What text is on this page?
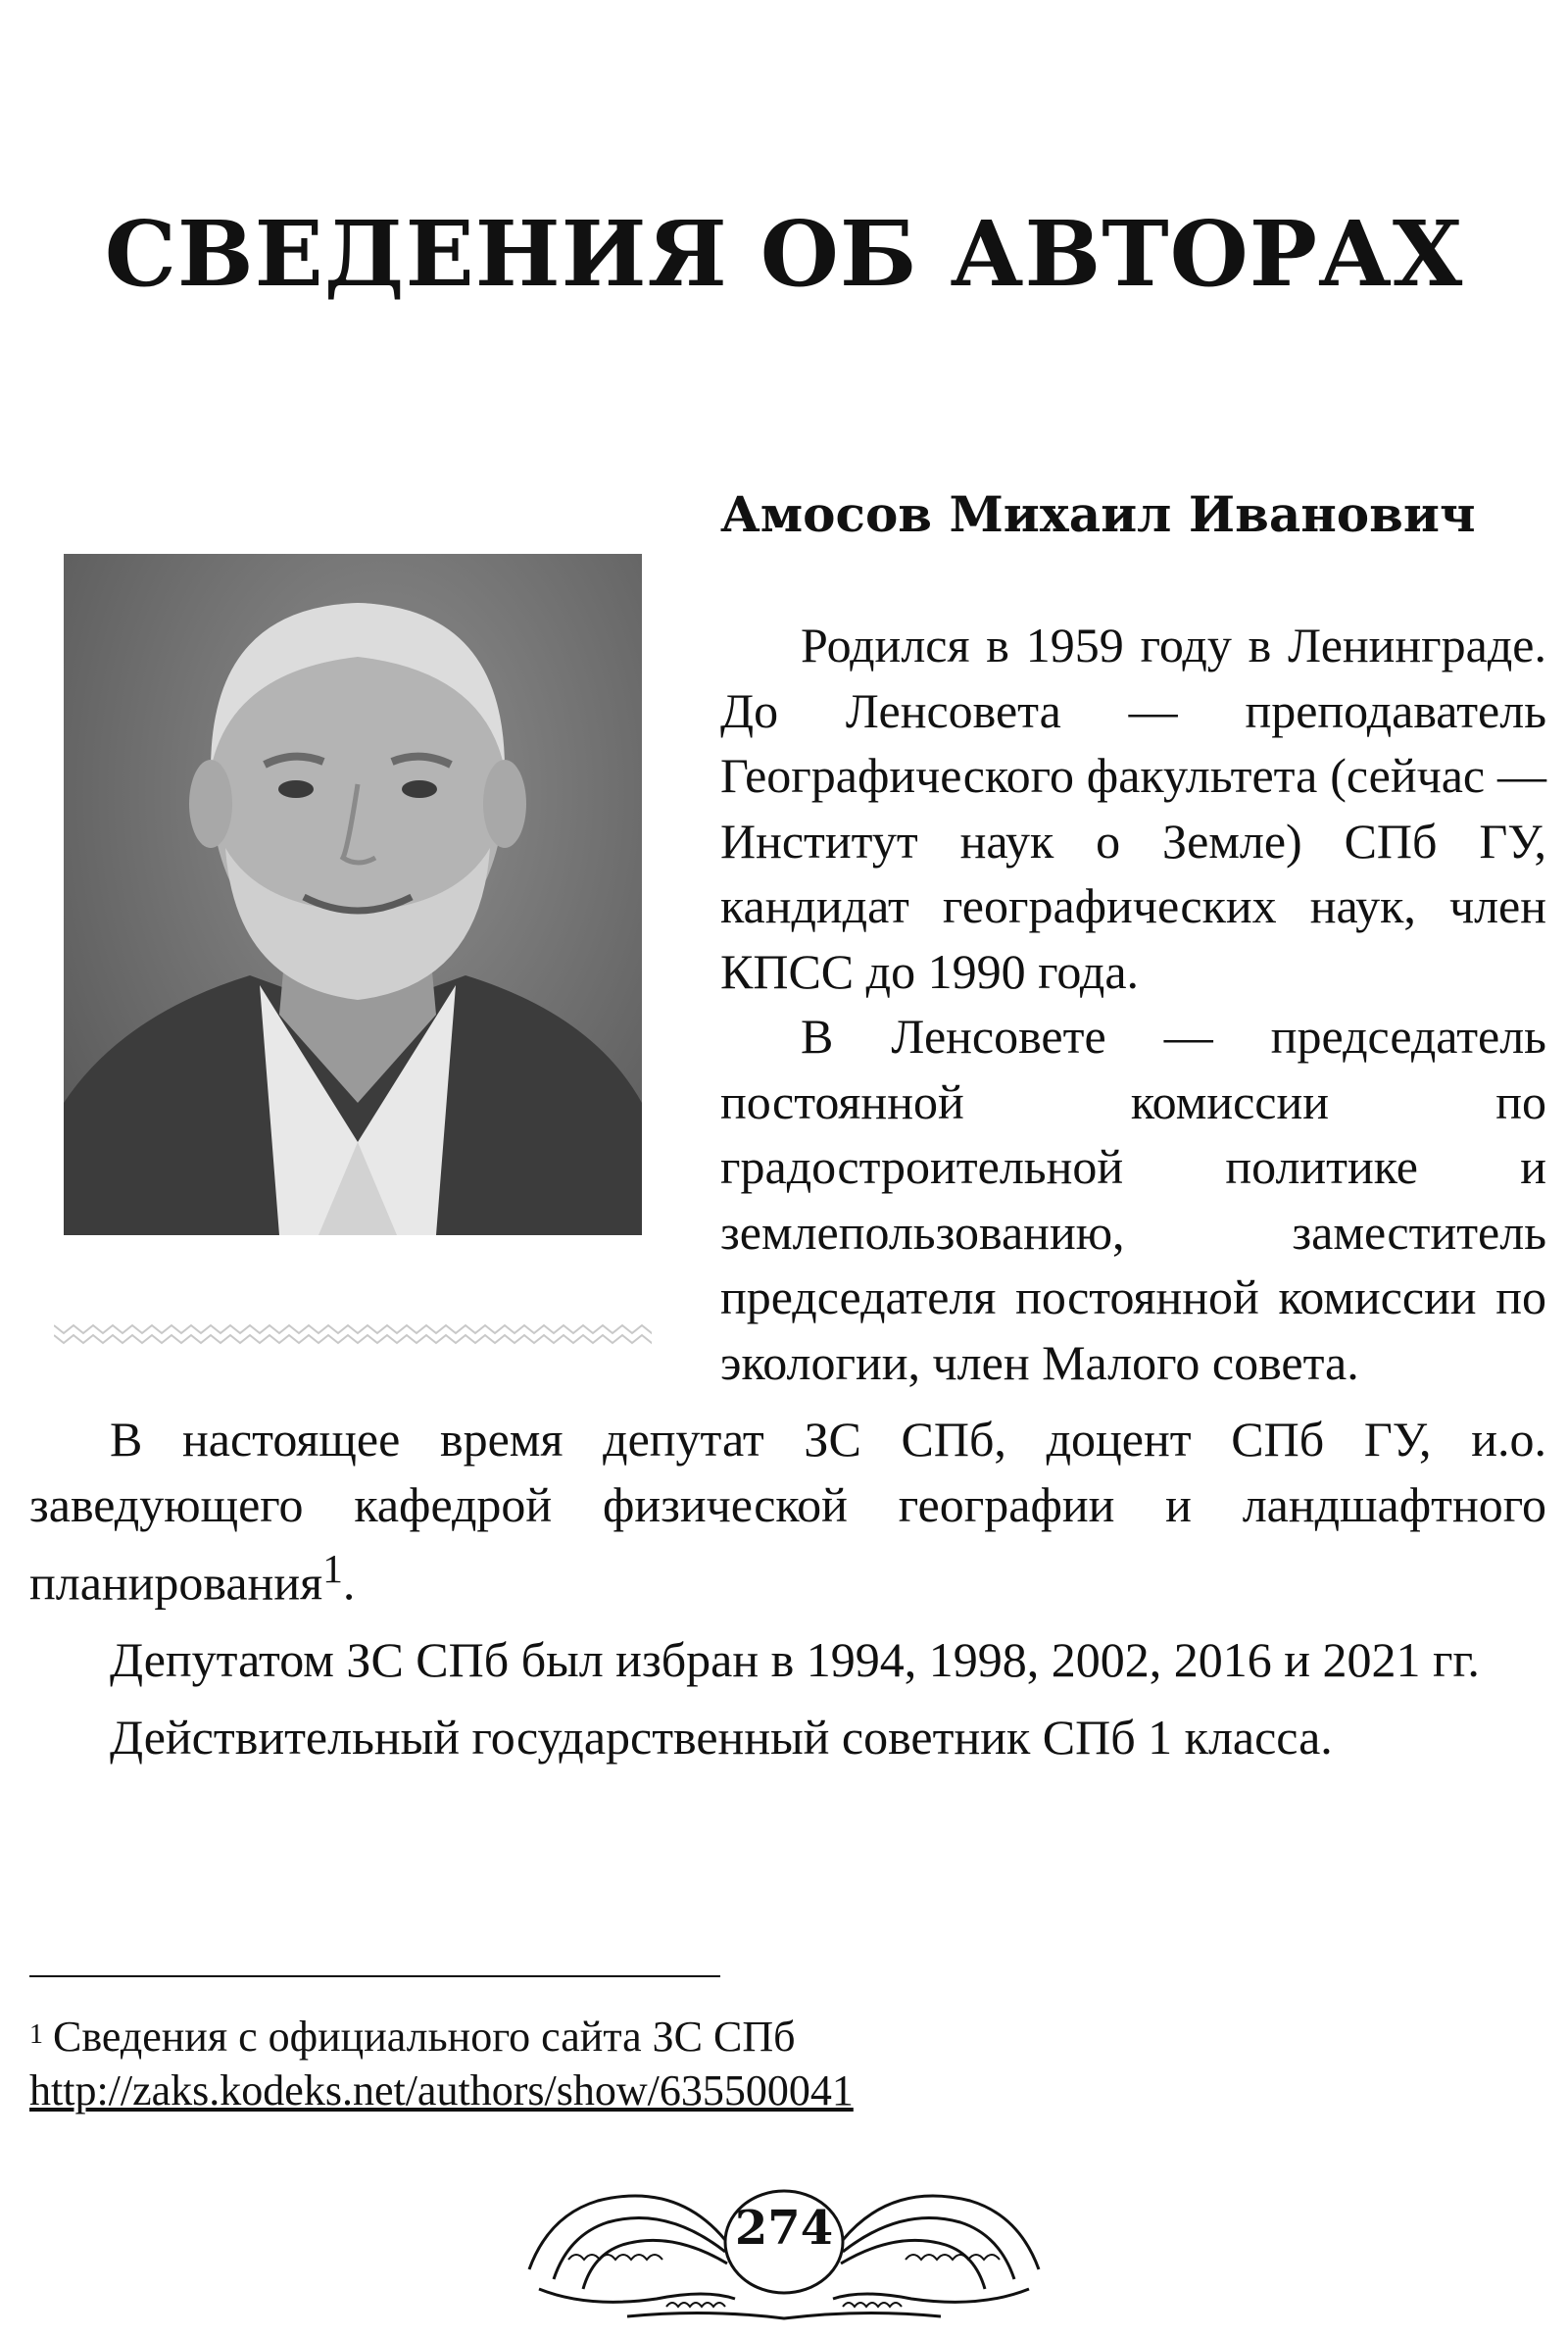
СВЕДЕНИЯ ОБ АВТОРАХ
Амосов Михаил Иванович

Родился в 1959 году в Ленинграде. До Ленсовета — преподаватель Географического факультета (сейчас — Институт наук о Земле) СПб ГУ, кандидат географических наук, член КПСС до 1990 года.

В Ленсовете — председатель постоянной комиссии по градостроительной политике и землепользованию, заместитель председателя постоянной комиссии по экологии, член Малого совета.

В настоящее время депутат ЗС СПб, доцент СПб ГУ, и.о. заведующего кафедрой физической географии и ландшафтного планирования$^1$.

Депутатом ЗС СПб был избран в 1994, 1998, 2002, 2016 и 2021 гг.

Действительный государственный советник СПб 1 класса.

$^1$ Сведения с официального сайта ЗС СПб
http://zaks.kodeks.net/authors/show/635500041
274
